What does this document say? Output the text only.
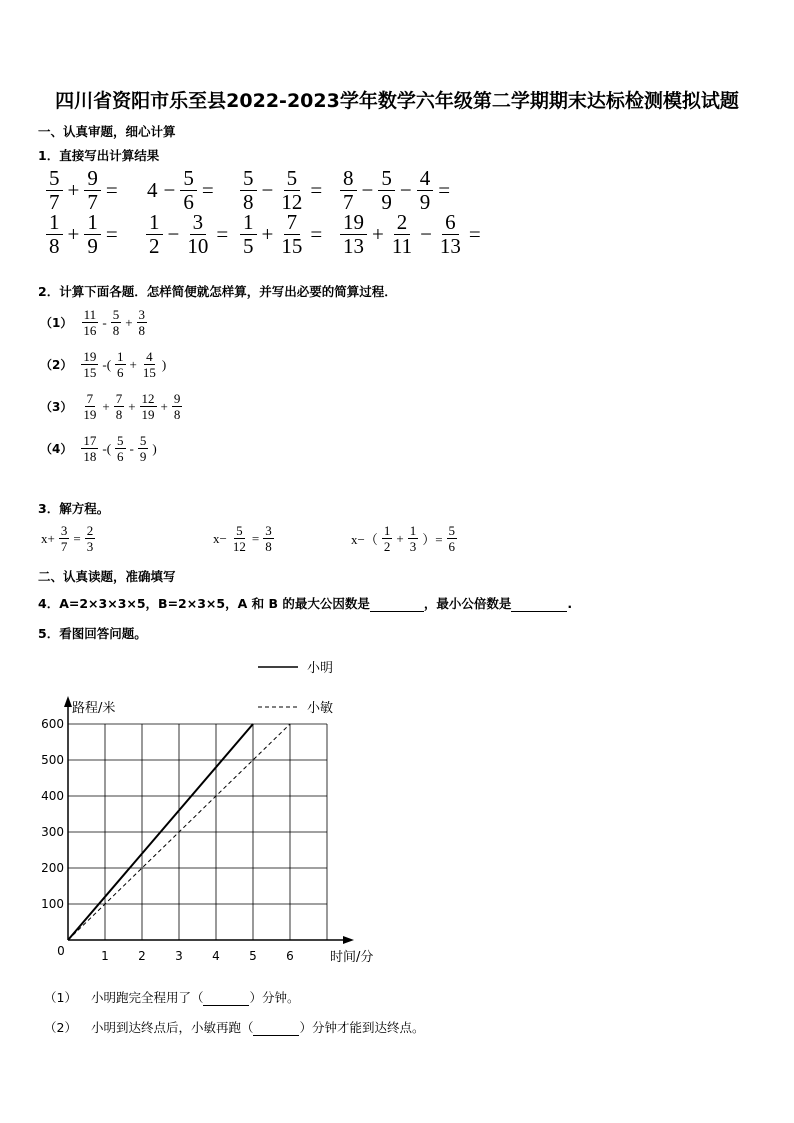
四川省资阳市乐至县2022-2023学年数学六年级第二学期期末达标检测模拟试题
一、认真审题，细心计算
1．直接写出计算结果
2．计算下面各题．怎样简便就怎样算，并写出必要的简算过程．
3．解方程。
二、认真读题，准确填写
4．A=2×3×3×5，B=2×3×5，A 和 B 的最大公因数是	，最小公倍数是	.
5．看图回答问题。
1 2 3 4 5 6
100
200
300
400
500
600
0	时间/分
路程/米
小明
小敏
（1） 小明跑完全程用了（	）分钟。
（2） 小明到达终点后，小敏再跑（	）分钟才能到达终点。
$\frac{5}{7} + \frac{9}{7} = 4 - \frac{5}{6} = \frac{5}{8} - \frac{5}{12} = \frac{8}{7} - \frac{5}{9} - \frac{4}{9}$ =
$\frac{1}{8} + \frac{1}{9} = \frac{1}{2} - \frac{3}{10} = \frac{1}{5} + \frac{7}{15} = \frac{19}{13} + \frac{2}{11} - \frac{6}{13}$ =
$(1) \frac{11}{16} - \frac{5}{8} + \frac{3}{8}$
$(2) \frac{19}{15}$ -( $\frac{1}{6} + \frac{4}{15}$ )
$(3) \frac{7}{19} + \frac{7}{8} + \frac{12}{19} + \frac{9}{8}$
$(4) \frac{17}{18}$ -( $\frac{5}{6} - \frac{5}{9}$ )
$x+ \frac{3}{7} = \frac{2}{3}$	$x- \frac{5}{12} = \frac{3}{8}$	$x-( \frac{1}{2} + \frac{1}{3}$ ）= $\frac{5}{6}$
